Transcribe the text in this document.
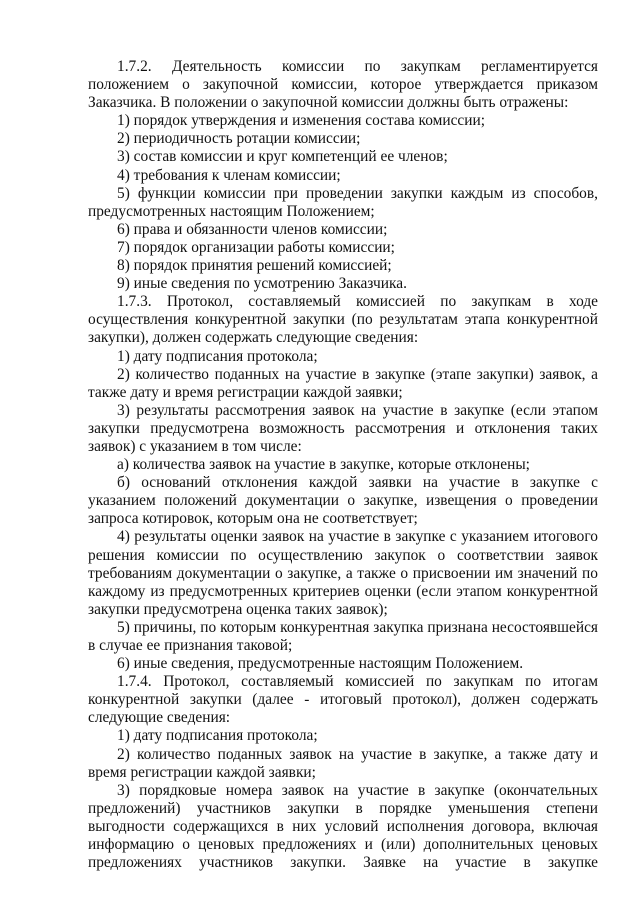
1.7.2. Деятельность комиссии по закупкам регламентируется положением о закупочной комиссии, которое утверждается приказом Заказчика. В положении о закупочной комиссии должны быть отражены:

1) порядок утверждения и изменения состава комиссии;

2) периодичность ротации комиссии;

3) состав комиссии и круг компетенций ее членов;

4) требования к членам комиссии;

5) функции комиссии при проведении закупки каждым из способов, предусмотренных настоящим Положением;

6) права и обязанности членов комиссии;

7) порядок организации работы комиссии;

8) порядок принятия решений комиссией;

9) иные сведения по усмотрению Заказчика.

1.7.3. Протокол, составляемый комиссией по закупкам в ходе осуществления конкурентной закупки (по результатам этапа конкурентной закупки), должен содержать следующие сведения:

1) дату подписания протокола;

2) количество поданных на участие в закупке (этапе закупки) заявок, а также дату и время регистрации каждой заявки;

3) результаты рассмотрения заявок на участие в закупке (если этапом закупки предусмотрена возможность рассмотрения и отклонения таких заявок) с указанием в том числе:

а) количества заявок на участие в закупке, которые отклонены;

б) оснований отклонения каждой заявки на участие в закупке с указанием положений документации о закупке, извещения о проведении запроса котировок, которым она не соответствует;

4) результаты оценки заявок на участие в закупке с указанием итогового решения комиссии по осуществлению закупок о соответствии заявок требованиям документации о закупке, а также о присвоении им значений по каждому из предусмотренных критериев оценки (если этапом конкурентной закупки предусмотрена оценка таких заявок);

5) причины, по которым конкурентная закупка признана несостоявшейся в случае ее признания таковой;

6) иные сведения, предусмотренные настоящим Положением.

1.7.4. Протокол, составляемый комиссией по закупкам по итогам конкурентной закупки (далее - итоговый протокол), должен содержать следующие сведения:

1) дату подписания протокола;

2) количество поданных заявок на участие в закупке, а также дату и время регистрации каждой заявки;

3) порядковые номера заявок на участие в закупке (окончательных предложений) участников закупки в порядке уменьшения степени выгодности содержащихся в них условий исполнения договора, включая информацию о ценовых предложениях и (или) дополнительных ценовых предложениях участников закупки. Заявке на участие в закупке
